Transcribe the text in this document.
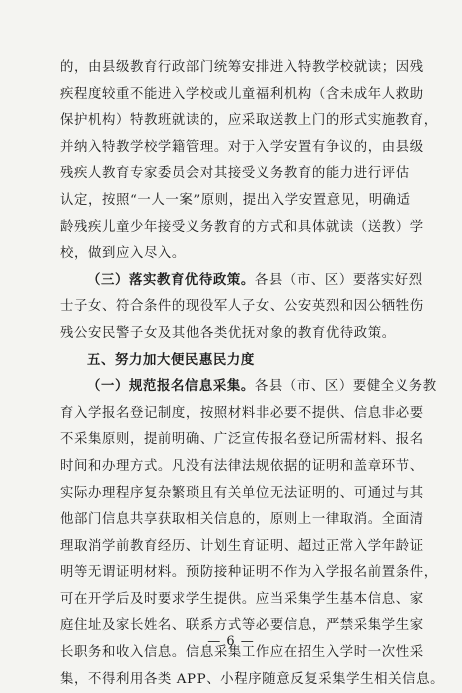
的，由县级教育行政部门统筹安排进入特教学校就读；因残
疾程度较重不能进入学校或儿童福利机构（含未成年人救助
保护机构）特教班就读的，应采取送教上门的形式实施教育，
并纳入特教学校学籍管理。对于入学安置有争议的，由县级
残疾人教育专家委员会对其接受义务教育的能力进行评估
认定，按照“一人一案”原则，提出入学安置意见，明确适
龄残疾儿童少年接受义务教育的方式和具体就读（送教）学
校，做到应入尽入。
（三）落实教育优待政策。各县（市、区）要落实好烈
士子女、符合条件的现役军人子女、公安英烈和因公牺牲伤
残公安民警子女及其他各类优抚对象的教育优待政策。
五、努力加大便民惠民力度
（一）规范报名信息采集。各县（市、区）要健全义务教
育入学报名登记制度，按照材料非必要不提供、信息非必要
不采集原则，提前明确、广泛宣传报名登记所需材料、报名
时间和办理方式。凡没有法律法规依据的证明和盖章环节、
实际办理程序复杂繁琐且有关单位无法证明的、可通过与其
他部门信息共享获取相关信息的，原则上一律取消。全面清
理取消学前教育经历、计划生育证明、超过正常入学年龄证
明等无谓证明材料。预防接种证明不作为入学报名前置条件，
可在开学后及时要求学生提供。应当采集学生基本信息、家
庭住址及家长姓名、联系方式等必要信息，严禁采集学生家
长职务和收入信息。信息采集工作应在招生入学时一次性采
集，不得利用各类 APP、小程序随意反复采集学生相关信息。
— 6 —
